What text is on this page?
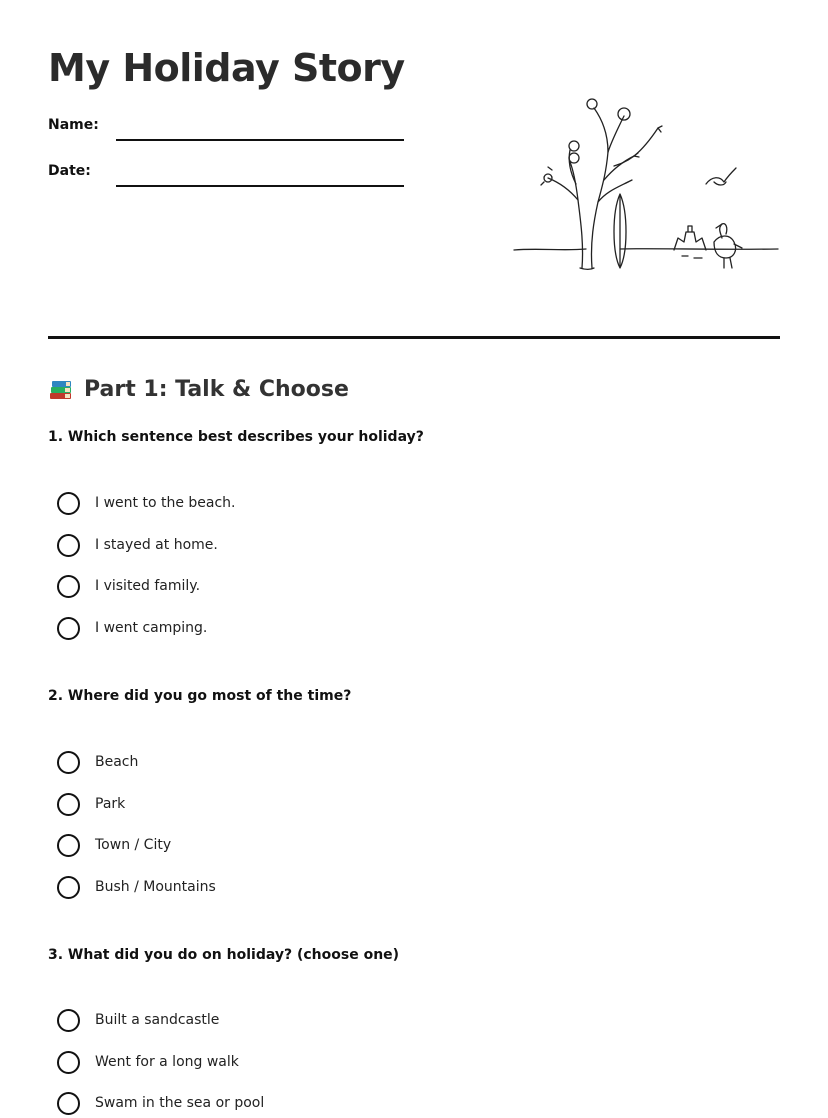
My Holiday Story
Name:
Date:
Part 1: Talk & Choose

1. Which sentence best describes your holiday?

I went to the beach.
I stayed at home.
I visited family.
I went camping.

2. Where did you go most of the time?

Beach
Park
Town / City
Bush / Mountains

3. What did you do on holiday? (choose one)

Built a sandcastle
Went for a long walk
Swam in the sea or pool
